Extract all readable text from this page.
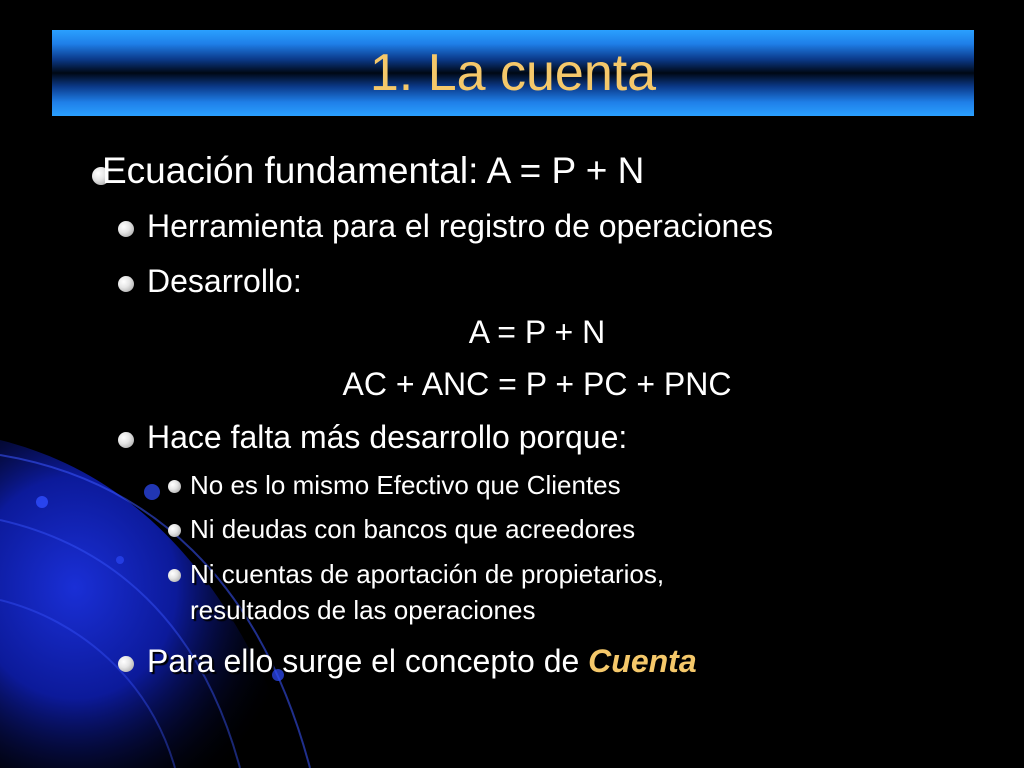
1. La cuenta
Ecuación fundamental: A = P + N
Herramienta para el registro de operaciones
Desarrollo:
A = P + N
AC + ANC = P + PC + PNC
Hace falta más desarrollo porque:
No es lo mismo Efectivo que Clientes
Ni deudas con bancos que acreedores
Ni cuentas de aportación de propietarios,
resultados de las operaciones
Para ello surge el concepto de Cuenta
